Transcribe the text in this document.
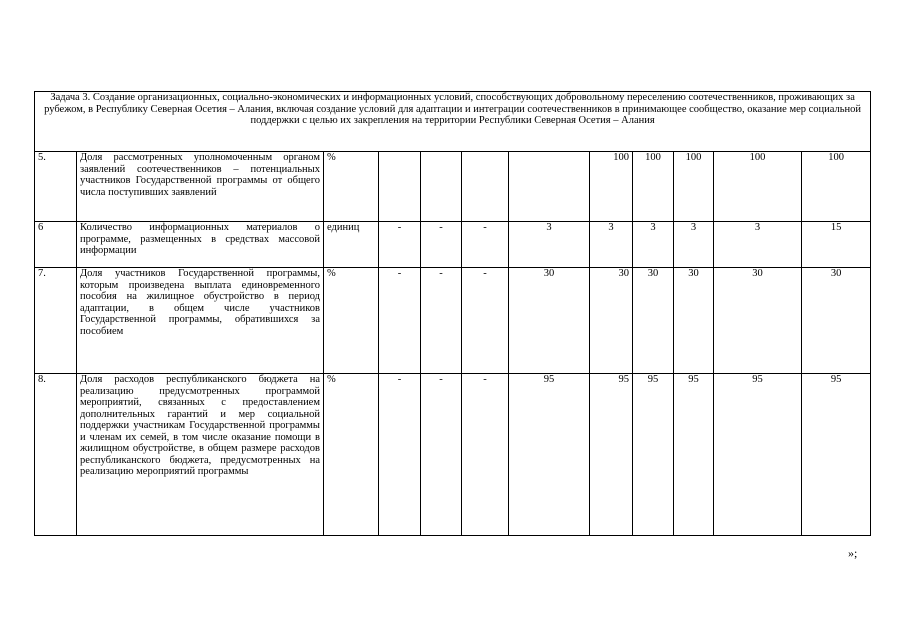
Задача 3. Создание организационных, социально-экономических и информационных условий, способствующих добровольному переселению соотечественников, проживающих за рубежом, в Республику Северная Осетия – Алания, включая создание условий для адаптации и интеграции соотечественников в принимающее сообщество, оказание мер социальной поддержки с целью их закрепления на территории Республики Северная Осетия – Алания											
5.	Доля рассмотренных уполномоченным органом заявлений соотечественников – потенциальных участников Государственной программы от общего числа поступивших заявлений	%					100	100	100	100	100
6	Количество информационных материалов о программе, размещенных в средствах массовой информации	единиц	-	-	-	3	3	3	3	3	15
7.	Доля участников Государственной программы, которым произведена выплата единовременного пособия на жилищное обустройство в период адаптации, в общем числе участников Государственной программы, обратившихся за пособием	%	-	-	-	30	30	30	30	30	30
8.	Доля расходов республиканского бюджета на реализацию предусмотренных программой мероприятий, связанных с предоставлением дополнительных гарантий и мер социальной поддержки участникам Государственной программы и членам их семей, в том числе оказание помощи в жилищном обустройстве, в общем размере расходов республиканского бюджета, предусмотренных на реализацию мероприятий программы	%	-	-	-	95	95	95	95	95	95
»;
